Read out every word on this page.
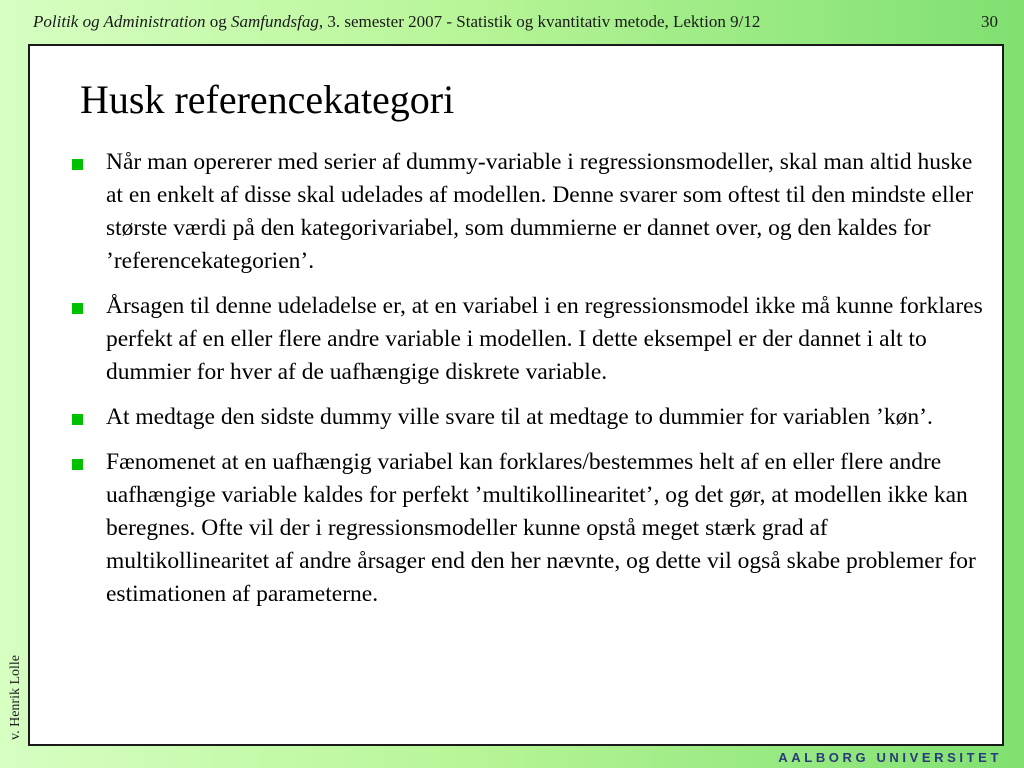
Politik og Administration og Samfundsfag, 3. semester 2007 - Statistik og kvantitativ metode, Lektion 9/12	30
v. Henrik Lolle
Husk referencekategori
Når man opererer med serier af dummy-variable i regressionsmodeller, skal man altid huske at en enkelt af disse skal udelades af modellen. Denne svarer som oftest til den mindste eller største værdi på den kategorivariabel, som dummierne er dannet over, og den kaldes for ’referencekategorien’.
Årsagen til denne udeladelse er, at en variabel i en regressionsmodel ikke må kunne forklares perfekt af en eller flere andre variable i modellen. I dette eksempel er der dannet i alt to dummier for hver af de uafhængige diskrete variable.
At medtage den sidste dummy ville svare til at medtage to dummier for variablen ’køn’.
Fænomenet at en uafhængig variabel kan forklares/bestemmes helt af en eller flere andre uafhængige variable kaldes for perfekt ’multikollinearitet’, og det gør, at modellen ikke kan beregnes. Ofte vil der i regressionsmodeller kunne opstå meget stærk grad af multikollinearitet af andre årsager end den her nævnte, og dette vil også skabe problemer for estimationen af parameterne.
AALBORG UNIVERSITET
